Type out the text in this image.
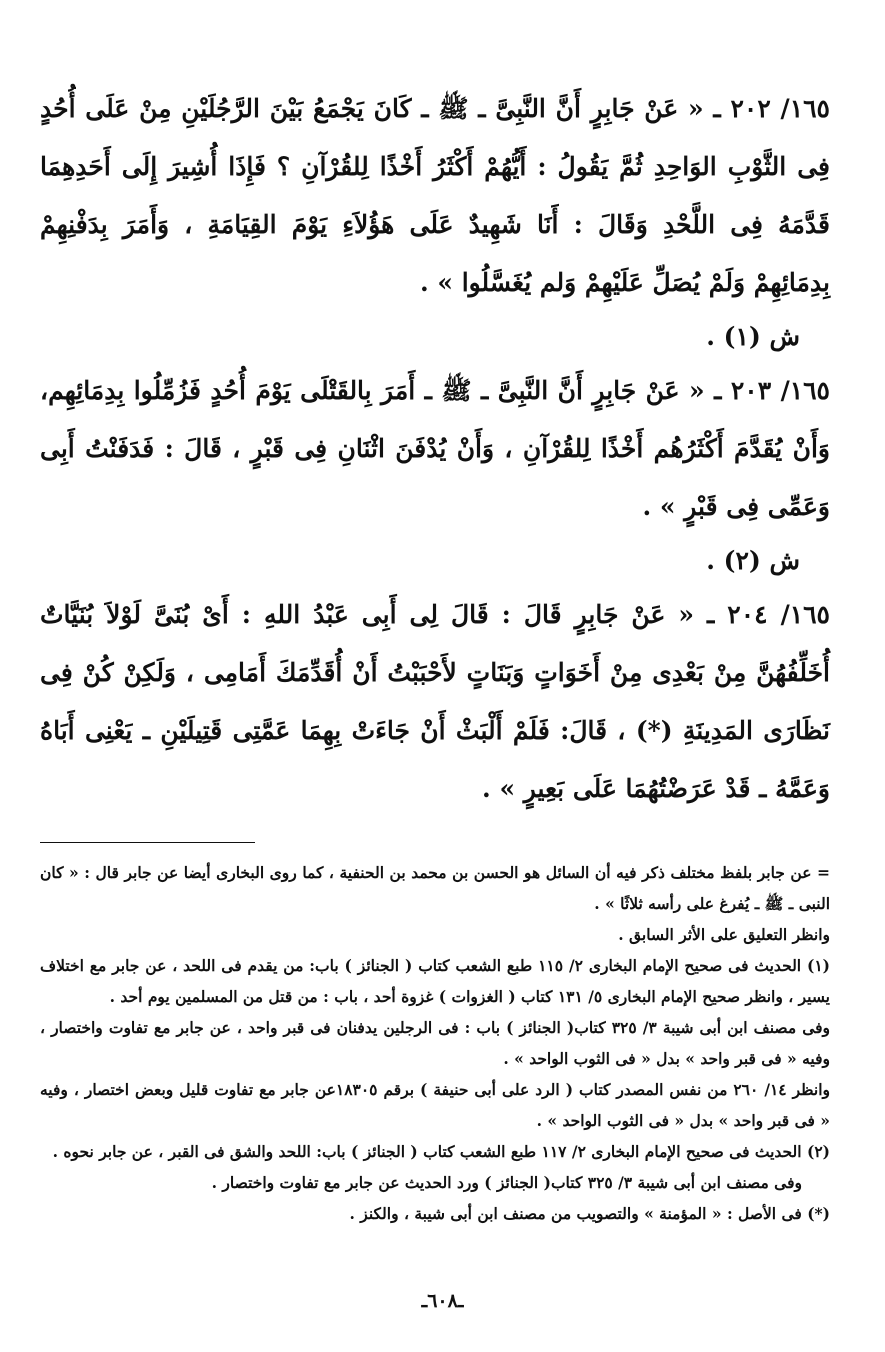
١٦٥/ ٢٠٢ ـ « عَنْ جَابِرٍ أَنَّ النَّبِىَّ ـ ﷺ ـ كَانَ يَجْمَعُ بَيْنَ الرَّجُلَيْنِ مِنْ عَلَى أُحُدٍ فِى الثَّوْبِ الوَاحِدِ ثُمَّ يَقُولُ : أَيُّهُمْ أَكْثَرُ أَخْذًا لِلقُرْآنِ ؟ فَإِذَا أُشِيرَ إِلَى أَحَدِهِمَا قَدَّمَهُ فِى اللَّحْدِ وَقَالَ : أَنَا شَهِيدٌ عَلَى هَؤُلاَءِ يَوْمَ القِيَامَةِ ، وَأَمَرَ بِدَفْنِهِمْ بِدِمَائِهِمْ وَلَمْ يُصَلِّ عَلَيْهِمْ وَلم يُغَسَّلُوا » .

ش (١) .

١٦٥/ ٢٠٣ ـ « عَنْ جَابِرٍ أَنَّ النَّبِىَّ ـ ﷺ ـ أَمَرَ بِالقَتْلَى يَوْمَ أُحُدٍ فَزُمِّلُوا بِدِمَائِهِم، وَأَنْ يُقَدَّمَ أَكْثَرُهُم أَخْذًا لِلقُرْآنِ ، وَأَنْ يُدْفَنَ اثْنَانِ فِى قَبْرٍ ، قَالَ : فَدَفَنْتُ أَبِى وَعَمِّى فِى قَبْرٍ » .

ش (٢) .

١٦٥/ ٢٠٤ ـ « عَنْ جَابِرٍ قَالَ : قَالَ لِى أَبِى عَبْدُ اللهِ : أَىْ بُنَىَّ لَوْلاَ بُنَيَّاتٌ أُخَلِّفُهُنَّ مِنْ بَعْدِى مِنْ أَخَوَاتٍ وَبَنَاتٍ لأَحْبَبْتُ أَنْ أُقَدِّمَكَ أَمَامِى ، وَلَكِنْ كُنْ فِى نَظَارَى المَدِينَةِ (*) ، قَالَ: فَلَمْ أَلْبَثْ أَنْ جَاءَتْ بِهِمَا عَمَّتِى قَتِيلَيْنِ ـ يَعْنِى أَبَاهُ وَعَمَّهُ ـ قَدْ عَرَضْتُهُمَا عَلَى بَعِيرٍ » .

= عن جابر بلفظ مختلف ذكر فيه أن السائل هو الحسن بن محمد بن الحنفية ، كما روى البخارى أيضا عن جابر قال : « كان النبى ـ ﷺ ـ يُفرغ على رأسه ثلاثًا » .

وانظر التعليق على الأثر السابق .

(١) الحديث فى صحيح الإمام البخارى ٢/ ١١٥ طبع الشعب كتاب ( الجنائز ) باب: من يقدم فى اللحد ، عن جابر مع اختلاف يسير ، وانظر صحيح الإمام البخارى ٥/ ١٣١ كتاب ( الغزوات ) غزوة أحد ، باب : من قتل من المسلمين يوم أحد .

وفى مصنف ابن أبى شيبة ٣/ ٣٢٥ كتاب( الجنائز ) باب : فى الرجلين يدفنان فى قبر واحد ، عن جابر مع تفاوت واختصار ، وفيه « فى قبر واحد » بدل « فى الثوب الواحد » .

وانظر ١٤/ ٢٦٠ من نفس المصدر كتاب ( الرد على أبى حنيفة ) برقم ١٨٣٠٥عن جابر مع تفاوت قليل وبعض اختصار ، وفيه « فى قبر واحد » بدل « فى الثوب الواحد » .

(٢) الحديث فى صحيح الإمام البخارى ٢/ ١١٧ طبع الشعب كتاب ( الجنائز ) باب: اللحد والشق فى القبر ، عن جابر نحوه .

وفى مصنف ابن أبى شيبة ٣/ ٣٢٥ كتاب( الجنائز ) ورد الحديث عن جابر مع تفاوت واختصار .

(*) فى الأصل : « المؤمنة » والتصويب من مصنف ابن أبى شيبة ، والكنز .

ـ٦٠٨ـ
